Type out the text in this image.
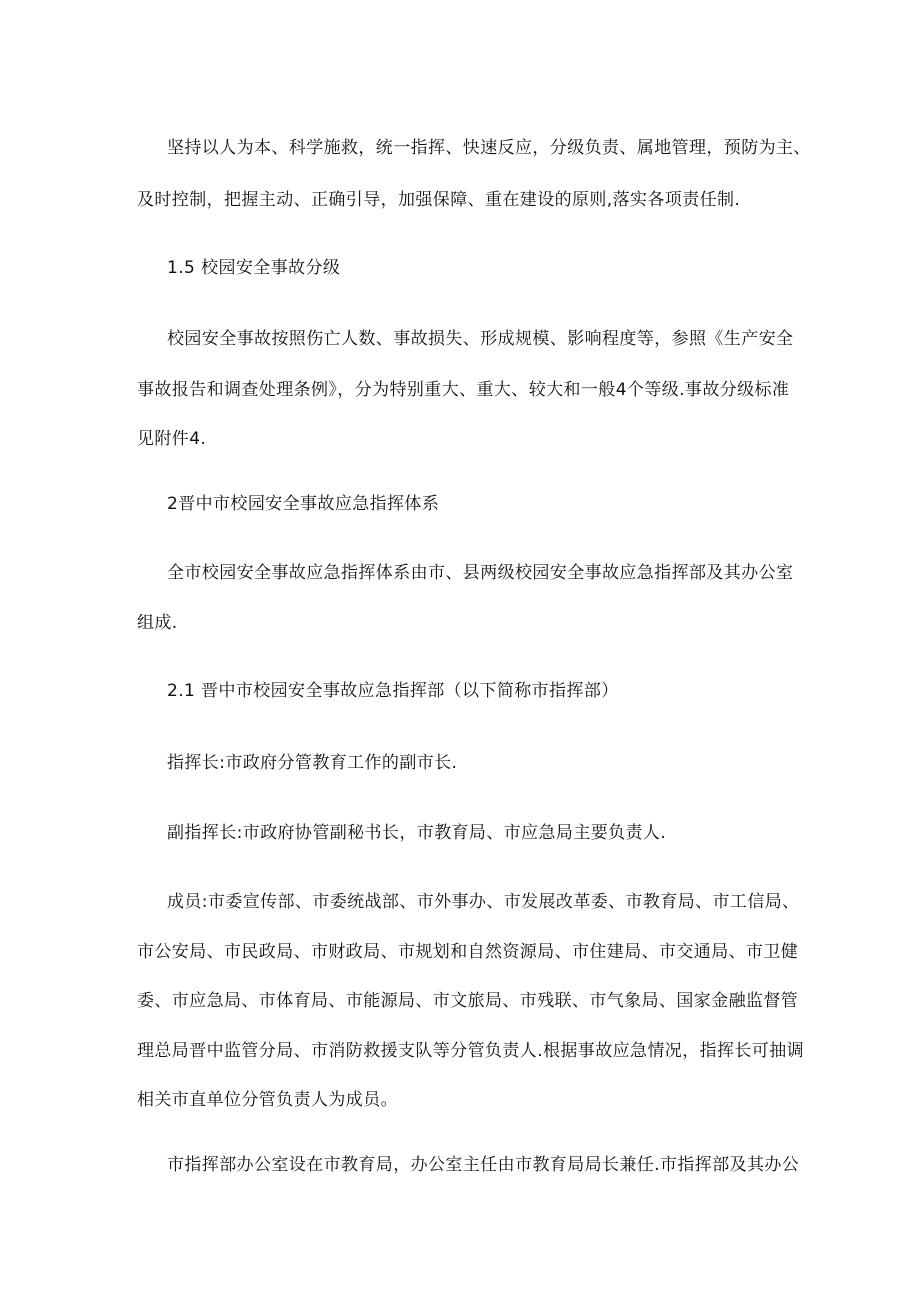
坚持以人为本、科学施救，统一指挥、快速反应，分级负责、属地管理，预防为主、
及时控制，把握主动、正确引导，加强保障、重在建设的原则,落实各项责任制.
1.5 校园安全事故分级
校园安全事故按照伤亡人数、事故损失、形成规模、影响程度等，参照《生产安全
事故报告和调查处理条例》，分为特别重大、重大、较大和一般4个等级.事故分级标准
见附件4.
2晋中市校园安全事故应急指挥体系
全市校园安全事故应急指挥体系由市、县两级校园安全事故应急指挥部及其办公室
组成.
2.1 晋中市校园安全事故应急指挥部（以下简称市指挥部）
指挥长:市政府分管教育工作的副市长.
副指挥长:市政府协管副秘书长，市教育局、市应急局主要负责人.
成员:市委宣传部、市委统战部、市外事办、市发展改革委、市教育局、市工信局、
市公安局、市民政局、市财政局、市规划和自然资源局、市住建局、市交通局、市卫健
委、市应急局、市体育局、市能源局、市文旅局、市残联、市气象局、国家金融监督管
理总局晋中监管分局、市消防救援支队等分管负责人.根据事故应急情况，指挥长可抽调
相关市直单位分管负责人为成员。
市指挥部办公室设在市教育局，办公室主任由市教育局局长兼任.市指挥部及其办公
